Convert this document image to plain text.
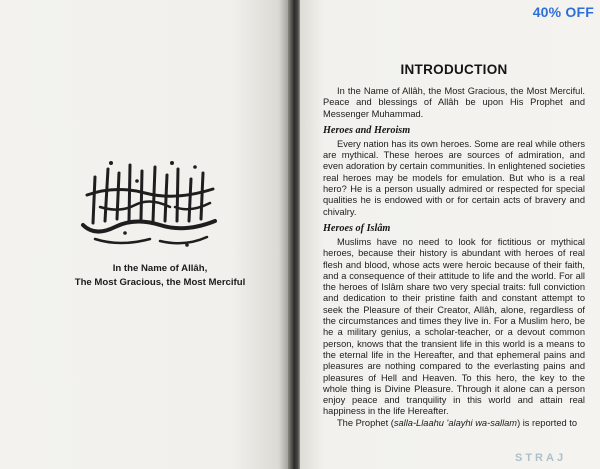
In the Name of Allâh,
The Most Gracious, the Most Merciful
INTRODUCTION

In the Name of Allâh, the Most Gracious, the Most Merciful. Peace and blessings of Allâh be upon His Prophet and Messenger Muhammad.

Heroes and Heroism

Every nation has its own heroes. Some are real while others are mythical. These heroes are sources of admiration, and even adoration by certain communities. In enlightened societies real heroes may be models for emulation. But who is a real hero? He is a person usually admired or respected for special qualities he is endowed with or for certain acts of bravery and chivalry.

Heroes of Islâm

Muslims have no need to look for fictitious or mythical heroes, because their history is abundant with heroes of real flesh and blood, whose acts were heroic because of their faith, and a consequence of their attitude to life and the world. For all the heroes of Islâm share two very special traits: full conviction and dedication to their pristine faith and constant attempt to seek the Pleasure of their Creator, Allâh, alone, regardless of the circumstances and times they live in. For a Muslim hero, be he a military genius, a scholar-teacher, or a devout common person, knows that the transient life in this world is a means to the eternal life in the Hereafter, and that ephemeral pains and pleasures are nothing compared to the everlasting pains and pleasures of Hell and Heaven. To this hero, the key to the whole thing is Divine Pleasure. Through it alone can a person enjoy peace and tranquility in this world and attain real happiness in the life Hereafter.

The Prophet (salla-Llaahu 'alayhi wa-sallam) is reported to

40% OFF
STRAJ
